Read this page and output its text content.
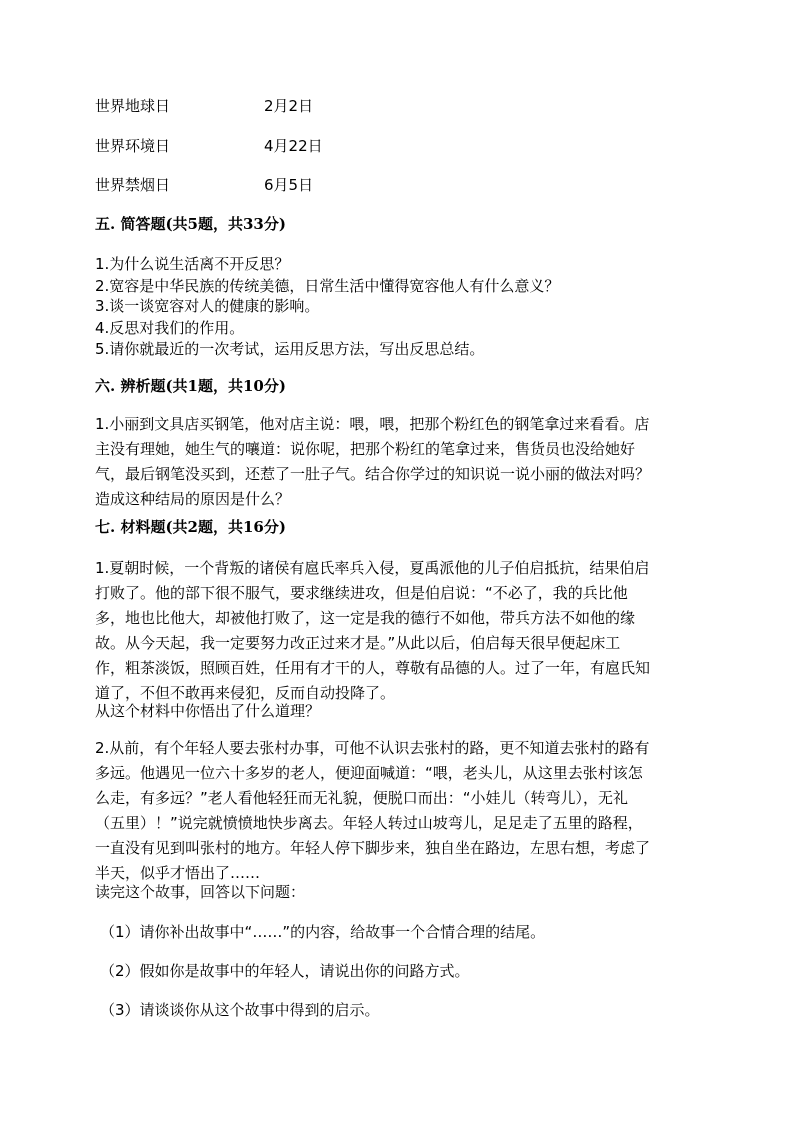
世界地球日	2月2日
世界环境日	4月22日
世界禁烟日	6月5日
五. 简答题(共5题，共33分)
1.为什么说生活离不开反思？
2.宽容是中华民族的传统美德，日常生活中懂得宽容他人有什么意义？
3.谈一谈宽容对人的健康的影响。
4.反思对我们的作用。
5.请你就最近的一次考试，运用反思方法，写出反思总结。
六. 辨析题(共1题，共10分)
1.小丽到文具店买钢笔，他对店主说：喂，喂，把那个粉红色的钢笔拿过来看看。店
主没有理她，她生气的嚷道：说你呢，把那个粉红的笔拿过来，售货员也没给她好
气，最后钢笔没买到，还惹了一肚子气。结合你学过的知识说一说小丽的做法对吗？
造成这种结局的原因是什么？
七. 材料题(共2题，共16分)
1.夏朝时候，一个背叛的诸侯有扈氏率兵入侵，夏禹派他的儿子伯启抵抗，结果伯启
打败了。他的部下很不服气，要求继续进攻，但是伯启说：“不必了，我的兵比他
多，地也比他大，却被他打败了，这一定是我的德行不如他，带兵方法不如他的缘
故。从今天起，我一定要努力改正过来才是。”从此以后，伯启每天很早便起床工
作，粗茶淡饭，照顾百姓，任用有才干的人，尊敬有品德的人。过了一年，有扈氏知
道了，不但不敢再来侵犯，反而自动投降了。
从这个材料中你悟出了什么道理？
2.从前，有个年轻人要去张村办事，可他不认识去张村的路，更不知道去张村的路有
多远。他遇见一位六十多岁的老人，便迎面喊道：“喂，老头儿，从这里去张村该怎
么走，有多远？”老人看他轻狂而无礼貌，便脱口而出：“小娃儿（转弯儿），无礼
（五里）！”说完就愤愤地快步离去。年轻人转过山坡弯儿，足足走了五里的路程，
一直没有见到叫张村的地方。年轻人停下脚步来，独自坐在路边，左思右想，考虑了
半天，似乎才悟出了……
读完这个故事，回答以下问题：
（1）请你补出故事中“……”的内容，给故事一个合情合理的结尾。
（2）假如你是故事中的年轻人，请说出你的问路方式。
（3）请谈谈你从这个故事中得到的启示。
